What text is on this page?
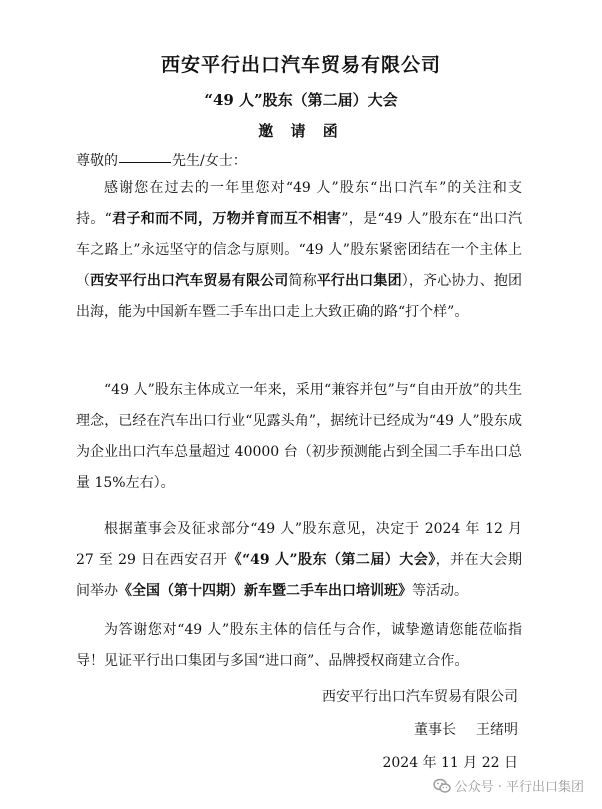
西安平行出口汽车贸易有限公司
“49 人”股东（第二届）大会
邀 请 函
尊敬的	先生/女士：

感谢您在过去的一年里您对“49 人”股东“出口汽车”的关注和支持。“君子和而不同，万物并育而互不相害”，是“49 人”股东在“出口汽车之路上”永远坚守的信念与原则。“49 人”股东紧密团结在一个主体上（西安平行出口汽车贸易有限公司简称平行出口集团），齐心协力、抱团出海，能为中国新车暨二手车出口走上大致正确的路“打个样”。

“49 人”股东主体成立一年来，采用“兼容并包”与“自由开放”的共生理念，已经在汽车出口行业“见露头角”，据统计已经成为“49 人”股东成为企业出口汽车总量超过 40000 台（初步预测能占到全国二手车出口总量 15%左右）。

根据董事会及征求部分“49 人”股东意见，决定于 2024 年 12 月 27 至 29 日在西安召开《“49 人”股东（第二届）大会》，并在大会期间举办《全国（第十四期）新车暨二手车出口培训班》等活动。

为答谢您对“49 人”股东主体的信任与合作，诚挚邀请您能莅临指导！见证平行出口集团与多国“进口商”、品牌授权商建立合作。

西安平行出口汽车贸易有限公司
董事长 王绪明
2024 年 11 月 22 日
公众号 · 平行出口集团
